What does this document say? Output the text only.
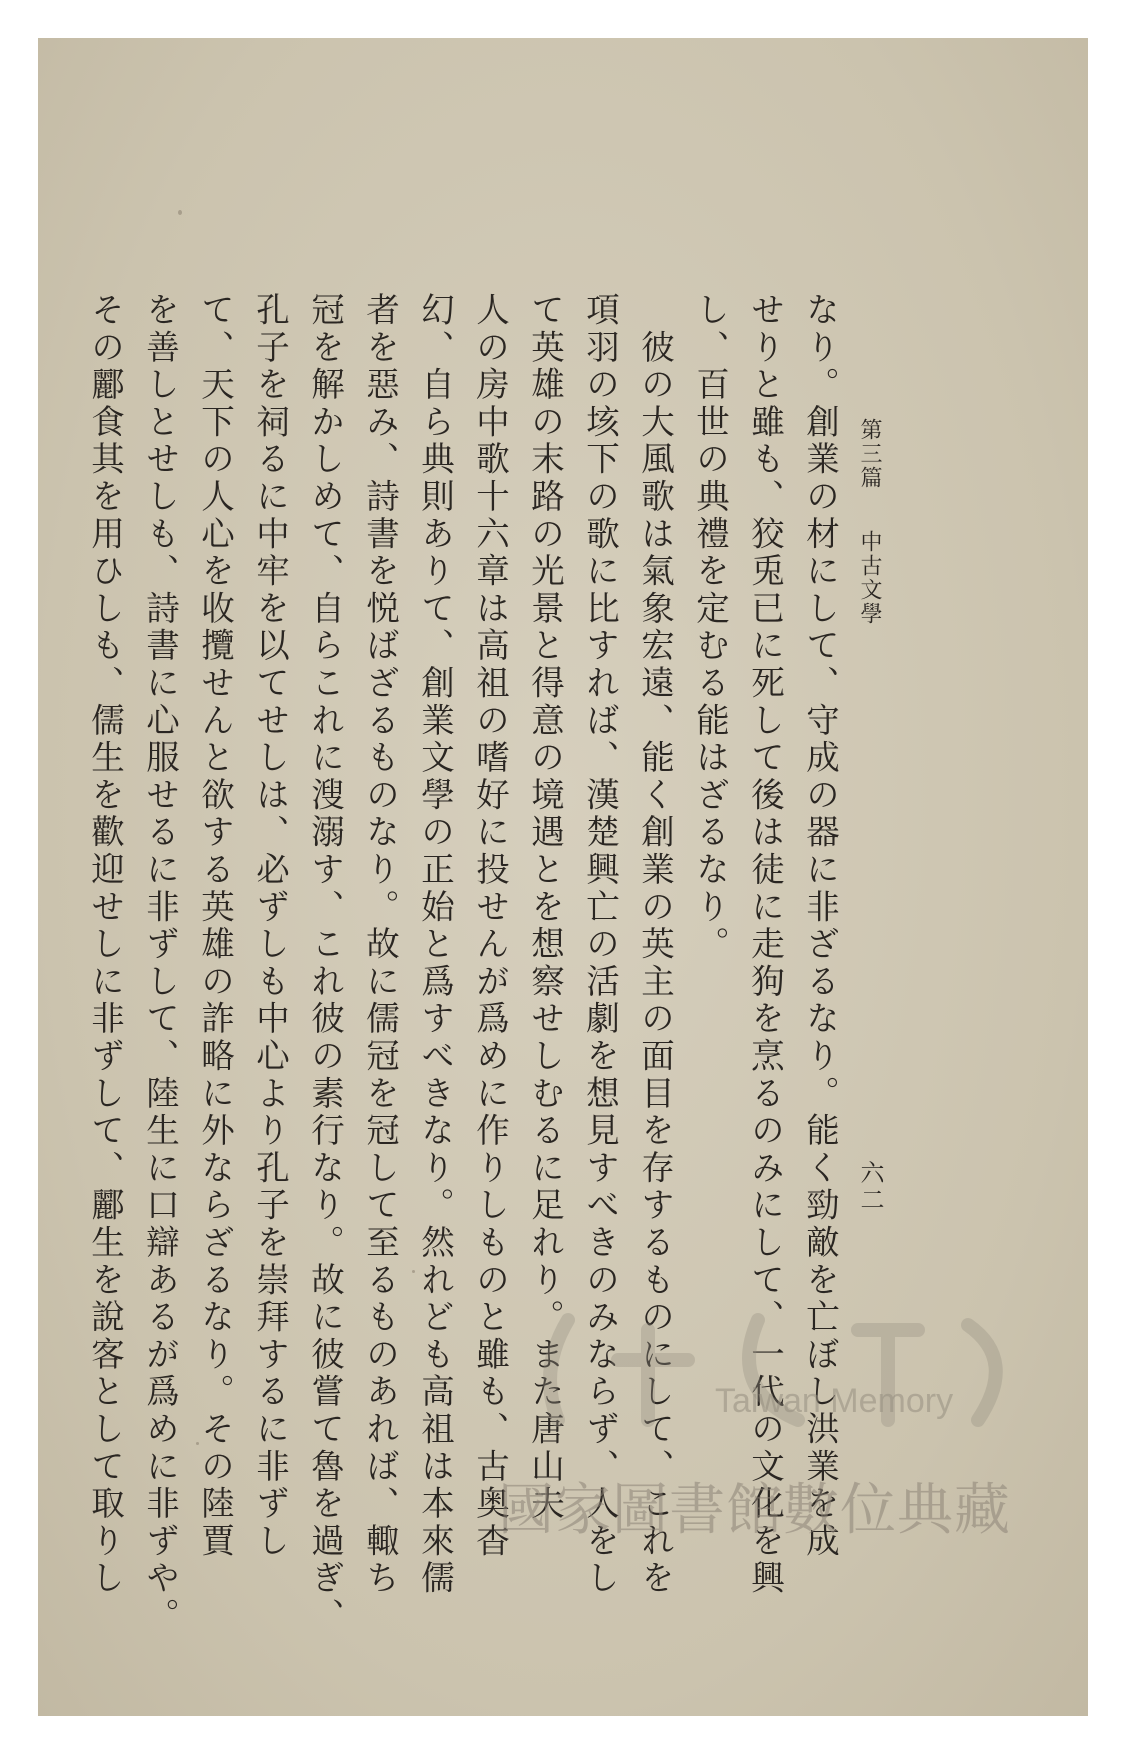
第三篇
中古文學
六二
なり。創業の材にして、守成の器に非ざるなり。能く勁敵を亡ぼし洪業を成
せりと雖も、狡兎已に死して後は徒に走狗を烹るのみにして、一代の文化を興
し、百世の典禮を定むる能はざるなり。
　彼の大風歌は氣象宏遠、能く創業の英主の面目を存するものにして、これを
項羽の垓下の歌に比すれば、漢楚興亡の活劇を想見すべきのみならず、人をし
て英雄の末路の光景と得意の境遇とを想察せしむるに足れり。また唐山夫
人の房中歌十六章は高祖の嗜好に投せんが爲めに作りしものと雖も、古奥杳
幻、自ら典則ありて、創業文學の正始と爲すべきなり。然れども高祖は本來儒
者を惡み、詩書を悦ばざるものなり。故に儒冠を冠して至るものあれば、輙ち
冠を解かしめて、自らこれに溲溺す、これ彼の素行なり。故に彼嘗て魯を過ぎ、
孔子を祠るに中牢を以てせしは、必ずしも中心より孔子を崇拜するに非ずし
て、天下の人心を收攬せんと欲する英雄の詐略に外ならざるなり。その陸賈
を善しとせしも、詩書に心服せるに非ずして、陸生に口辯あるが爲めに非ずや。
その酈食其を用ひしも、儒生を歡迎せしに非ずして、酈生を說客として取りし	Taiwan Memory
國家圖書館數位典藏
